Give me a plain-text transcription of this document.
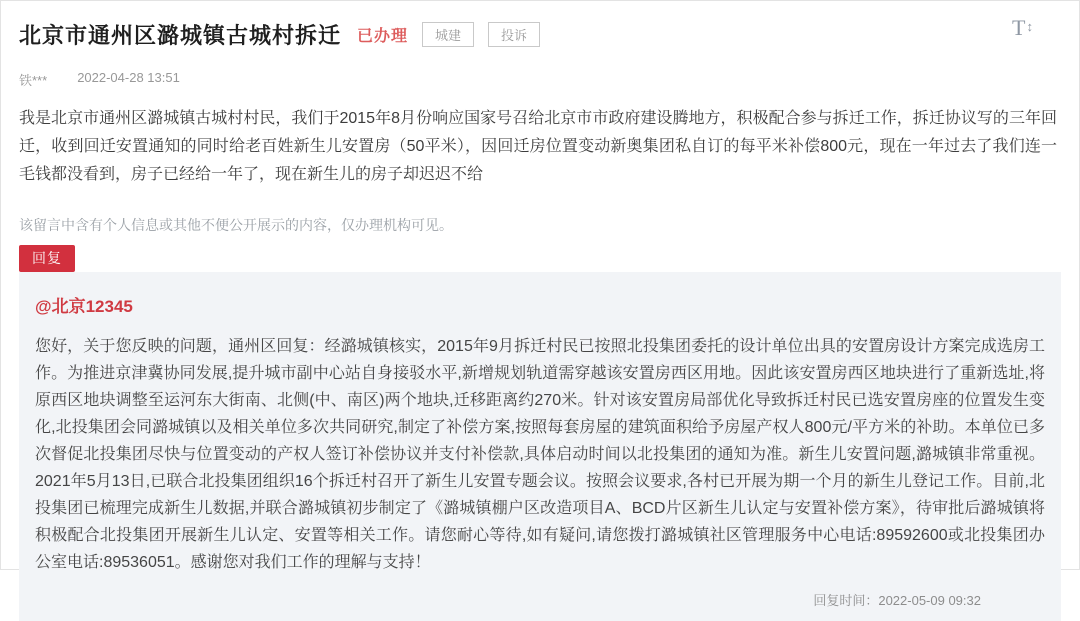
北京市通州区潞城镇古城村拆迁 已办理	城建	投诉	T↕
铁*** 2022-04-28 13:51

我是北京市通州区潞城镇古城村村民，我们于2015年8月份响应国家号召给北京市市政府建设腾地方，积极配合参与拆迁工作，拆迁协议写的三年回迁，收到回迁安置通知的同时给老百姓新生儿安置房（50平米），因回迁房位置变动新奥集团私自订的每平米补偿800元，现在一年过去了我们连一毛钱都没看到，房子已经给一年了，现在新生儿的房子却迟迟不给

该留言中含有个人信息或其他不便公开展示的内容，仅办理机构可见。

回复
@北京12345

您好，关于您反映的问题，通州区回复：经潞城镇核实，2015年9月拆迁村民已按照北投集团委托的设计单位出具的安置房设计方案完成选房工作。为推进京津冀协同发展,提升城市副中心站自身接驳水平,新增规划轨道需穿越该安置房西区用地。因此该安置房西区地块进行了重新选址,将原西区地块调整至运河东大街南、北侧(中、南区)两个地块,迁移距离约270米。针对该安置房局部优化导致拆迁村民已选安置房座的位置发生变化,北投集团会同潞城镇以及相关单位多次共同研究,制定了补偿方案,按照每套房屋的建筑面积给予房屋产权人800元/平方米的补助。本单位已多次督促北投集团尽快与位置变动的产权人签订补偿协议并支付补偿款,具体启动时间以北投集团的通知为准。新生儿安置问题,潞城镇非常重视。2021年5月13日,已联合北投集团组织16个拆迁村召开了新生儿安置专题会议。按照会议要求,各村已开展为期一个月的新生儿登记工作。目前,北投集团已梳理完成新生儿数据,并联合潞城镇初步制定了《潞城镇棚户区改造项目A、BCD片区新生儿认定与安置补偿方案》，待审批后潞城镇将积极配合北投集团开展新生儿认定、安置等相关工作。请您耐心等待,如有疑问,请您拨打潞城镇社区管理服务中心电话:89592600或北投集团办公室电话:89536051。感谢您对我们工作的理解与支持！

回复时间：2022-05-09 09:32
